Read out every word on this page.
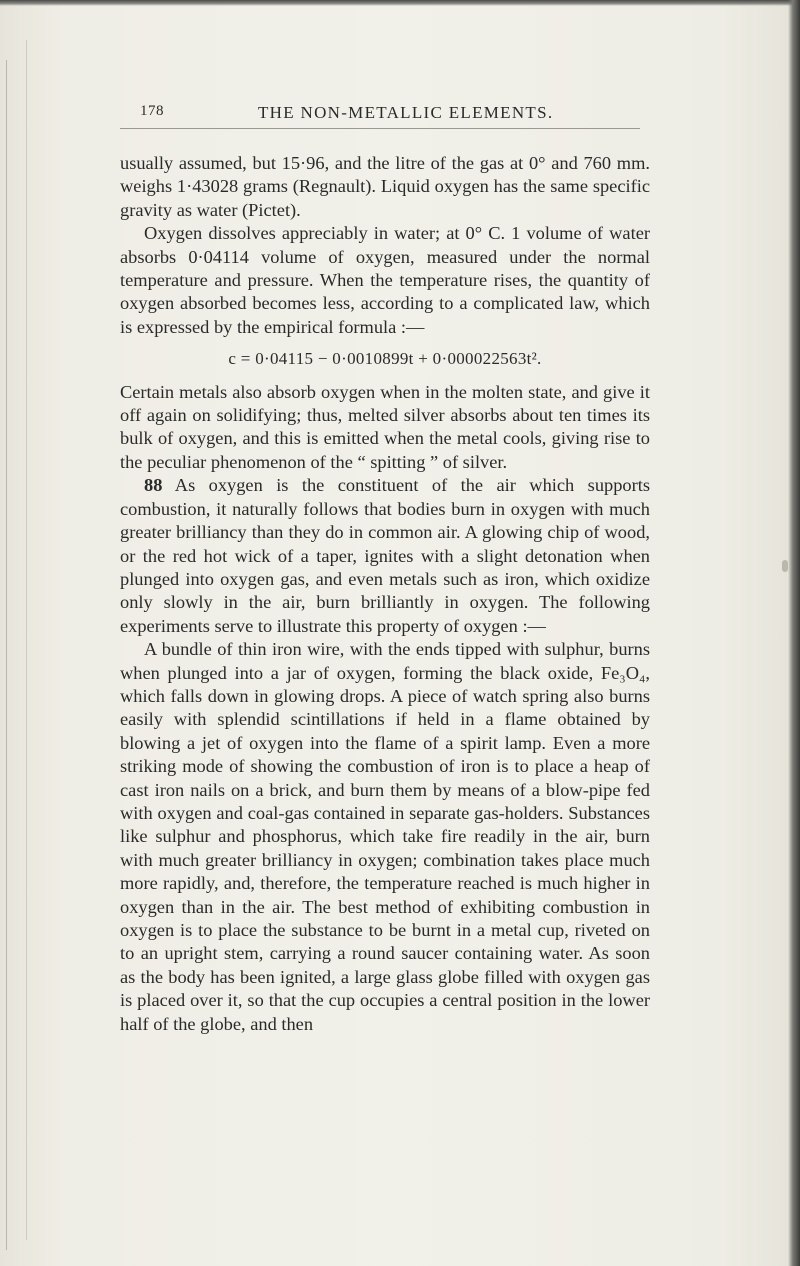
178	THE NON-METALLIC ELEMENTS.

usually assumed, but 15·96, and the litre of the gas at 0° and 760 mm. weighs 1·43028 grams (Regnault). Liquid oxygen has the same specific gravity as water (Pictet).

Oxygen dissolves appreciably in water; at 0° C. 1 volume of water absorbs 0·04114 volume of oxygen, measured under the normal temperature and pressure. When the temperature rises, the quantity of oxygen absorbed becomes less, according to a complicated law, which is expressed by the empirical formula :—

c = 0·04115 − 0·0010899t + 0·000022563t².

Certain metals also absorb oxygen when in the molten state, and give it off again on solidifying; thus, melted silver absorbs about ten times its bulk of oxygen, and this is emitted when the metal cools, giving rise to the peculiar phenomenon of the “ spitting ” of silver.

88 As oxygen is the constituent of the air which supports combustion, it naturally follows that bodies burn in oxygen with much greater brilliancy than they do in common air. A glowing chip of wood, or the red hot wick of a taper, ignites with a slight detonation when plunged into oxygen gas, and even metals such as iron, which oxidize only slowly in the air, burn brilliantly in oxygen. The following experiments serve to illustrate this property of oxygen :—

A bundle of thin iron wire, with the ends tipped with sulphur, burns when plunged into a jar of oxygen, forming the black oxide, Fe₃O₄, which falls down in glowing drops. A piece of watch spring also burns easily with splendid scintillations if held in a flame obtained by blowing a jet of oxygen into the flame of a spirit lamp. Even a more striking mode of showing the combustion of iron is to place a heap of cast iron nails on a brick, and burn them by means of a blow-pipe fed with oxygen and coal-gas contained in separate gas-holders. Substances like sulphur and phosphorus, which take fire readily in the air, burn with much greater brilliancy in oxygen; combination takes place much more rapidly, and, therefore, the temperature reached is much higher in oxygen than in the air. The best method of exhibiting combustion in oxygen is to place the substance to be burnt in a metal cup, riveted on to an upright stem, carrying a round saucer containing water. As soon as the body has been ignited, a large glass globe filled with oxygen gas is placed over it, so that the cup occupies a central position in the lower half of the globe, and then
